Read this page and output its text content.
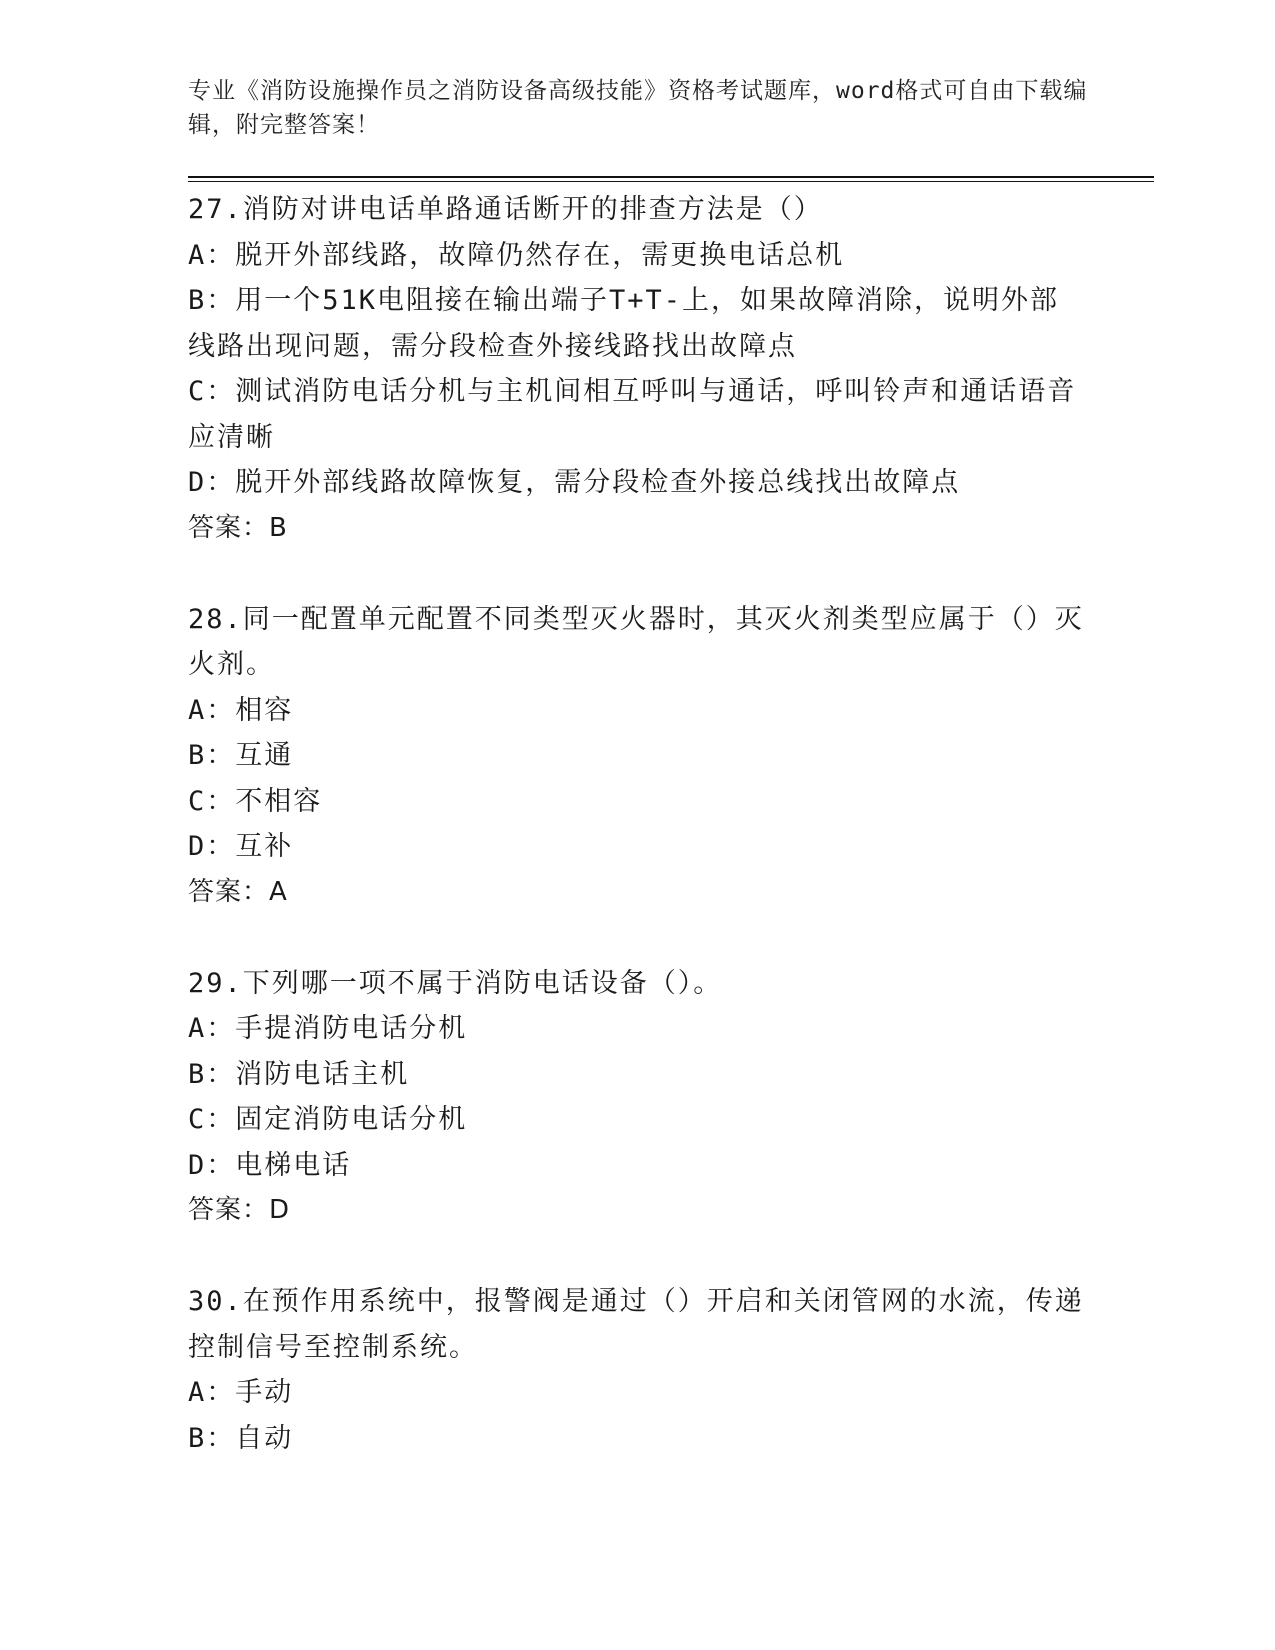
专业《消防设施操作员之消防设备高级技能》资格考试题库，word格式可自由下载编辑，附完整答案！
27.消防对讲电话单路通话断开的排查方法是（）
A：脱开外部线路，故障仍然存在，需更换电话总机
B：用一个51K电阻接在输出端子T+T-上，如果故障消除，说明外部线路出现问题，需分段检查外接线路找出故障点
C：测试消防电话分机与主机间相互呼叫与通话，呼叫铃声和通话语音应清晰
D：脱开外部线路故障恢复，需分段检查外接总线找出故障点
答案：B
28.同一配置单元配置不同类型灭火器时，其灭火剂类型应属于（）灭火剂。
A：相容
B：互通
C：不相容
D：互补
答案：A
29.下列哪一项不属于消防电话设备（）。
A：手提消防电话分机
B：消防电话主机
C：固定消防电话分机
D：电梯电话
答案：D
30.在预作用系统中，报警阀是通过（）开启和关闭管网的水流，传递控制信号至控制系统。
A：手动
B：自动
